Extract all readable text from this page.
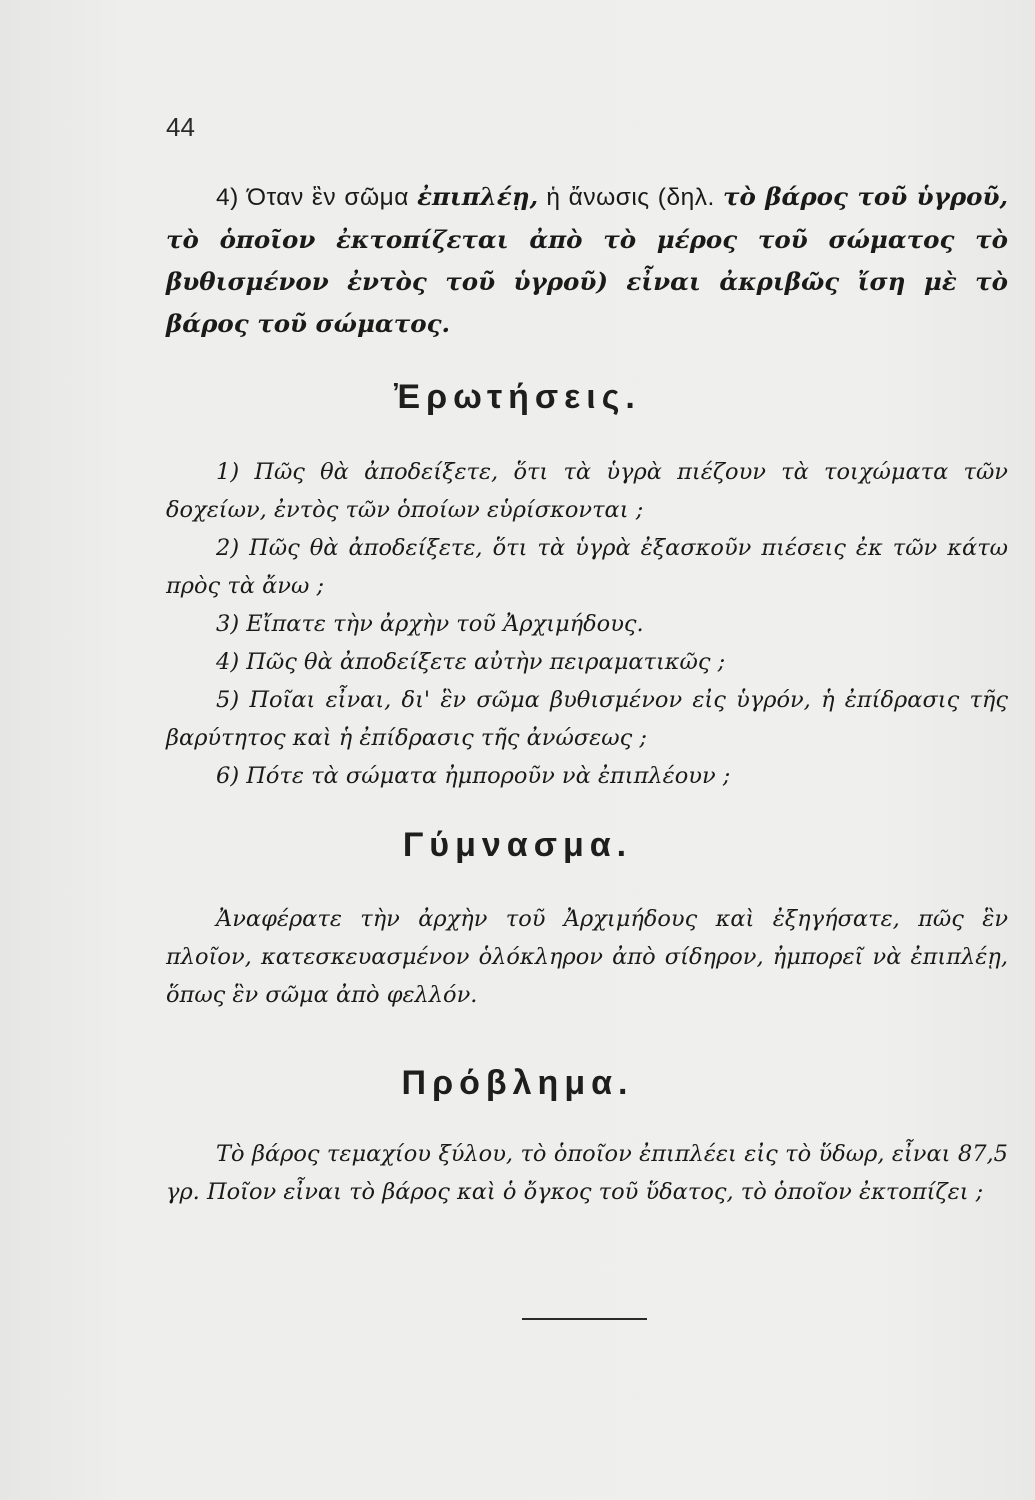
44

4) Όταν ἓν σῶμα ἐπιπλέῃ, ἡ ἄνωσις (δηλ. τὸ βάρος τοῦ ὑγροῦ, τὸ ὁποῖον ἐκτοπίζεται ἀπὸ τὸ μέρος τοῦ σώματος τὸ βυθισμένον ἐντὸς τοῦ ὑγροῦ) εἶναι ἀκριβῶς ἴση μὲ τὸ βάρος τοῦ σώματος.

Ἐρωτήσεις.
1) Πῶς θὰ ἀποδείξετε, ὅτι τὰ ὑγρὰ πιέζουν τὰ τοιχώματα τῶν δοχείων, ἐντὸς τῶν ὁποίων εὑρίσκονται ;
2) Πῶς θὰ ἀποδείξετε, ὅτι τὰ ὑγρὰ ἐξασκοῦν πιέσεις ἐκ τῶν κάτω πρὸς τὰ ἄνω ;
3) Εἴπατε τὴν ἀρχὴν τοῦ Ἀρχιμήδους.
4) Πῶς θὰ ἀποδείξετε αὐτὴν πειραματικῶς ;
5) Ποῖαι εἶναι, δι' ἓν σῶμα βυθισμένον εἰς ὑγρόν, ἡ ἐπίδρασις τῆς βαρύτητος καὶ ἡ ἐπίδρασις τῆς ἀνώσεως ;
6) Πότε τὰ σώματα ἠμποροῦν νὰ ἐπιπλέουν ;
Γύμνασμα.

Ἀναφέρατε τὴν ἀρχὴν τοῦ Ἀρχιμήδους καὶ ἐξηγήσατε, πῶς ἓν πλοῖον, κατεσκευασμένον ὁλόκληρον ἀπὸ σίδηρον, ἠμπορεῖ νὰ ἐπιπλέῃ, ὅπως ἓν σῶμα ἀπὸ φελλόν.

Πρόβλημα.

Τὸ βάρος τεμαχίου ξύλου, τὸ ὁποῖον ἐπιπλέει εἰς τὸ ὕδωρ, εἶναι 87,5 γρ. Ποῖον εἶναι τὸ βάρος καὶ ὁ ὄγκος τοῦ ὕδατος, τὸ ὁποῖον ἐκτοπίζει ;
